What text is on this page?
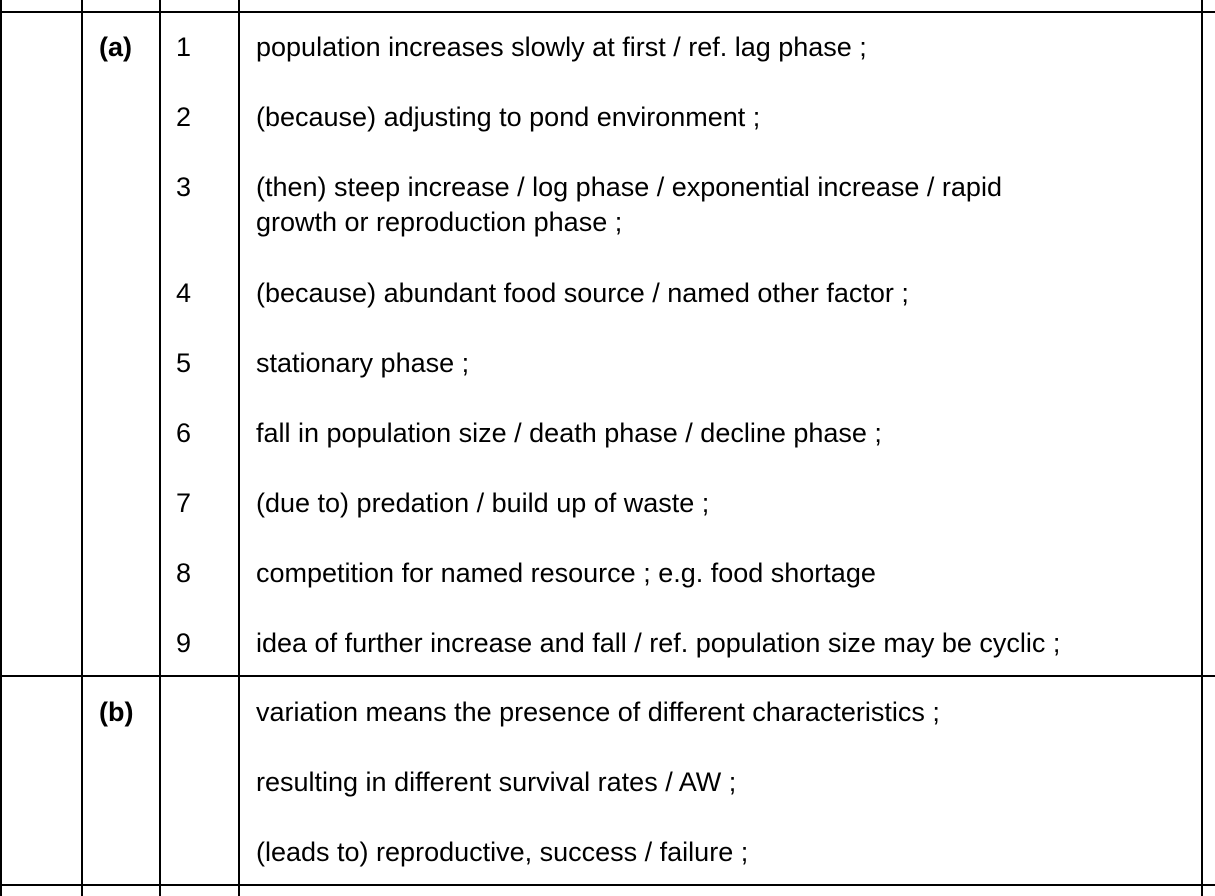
(a) 1 population increases slowly at first / ref. lag phase ;
2 (because) adjusting to pond environment ;
3 (then) steep increase / log phase / exponential increase / rapid
growth or reproduction phase ;
4 (because) abundant food source / named other factor ;
5 stationary phase ;
6 fall in population size / death phase / decline phase ;
7 (due to) predation / build up of waste ;
8 competition for named resource ; e.g. food shortage
9 idea of further increase and fall / ref. population size may be cyclic ;
(b)	variation means the presence of different characteristics ;
resulting in different survival rates / AW ;
(leads to) reproductive, success / failure ;
